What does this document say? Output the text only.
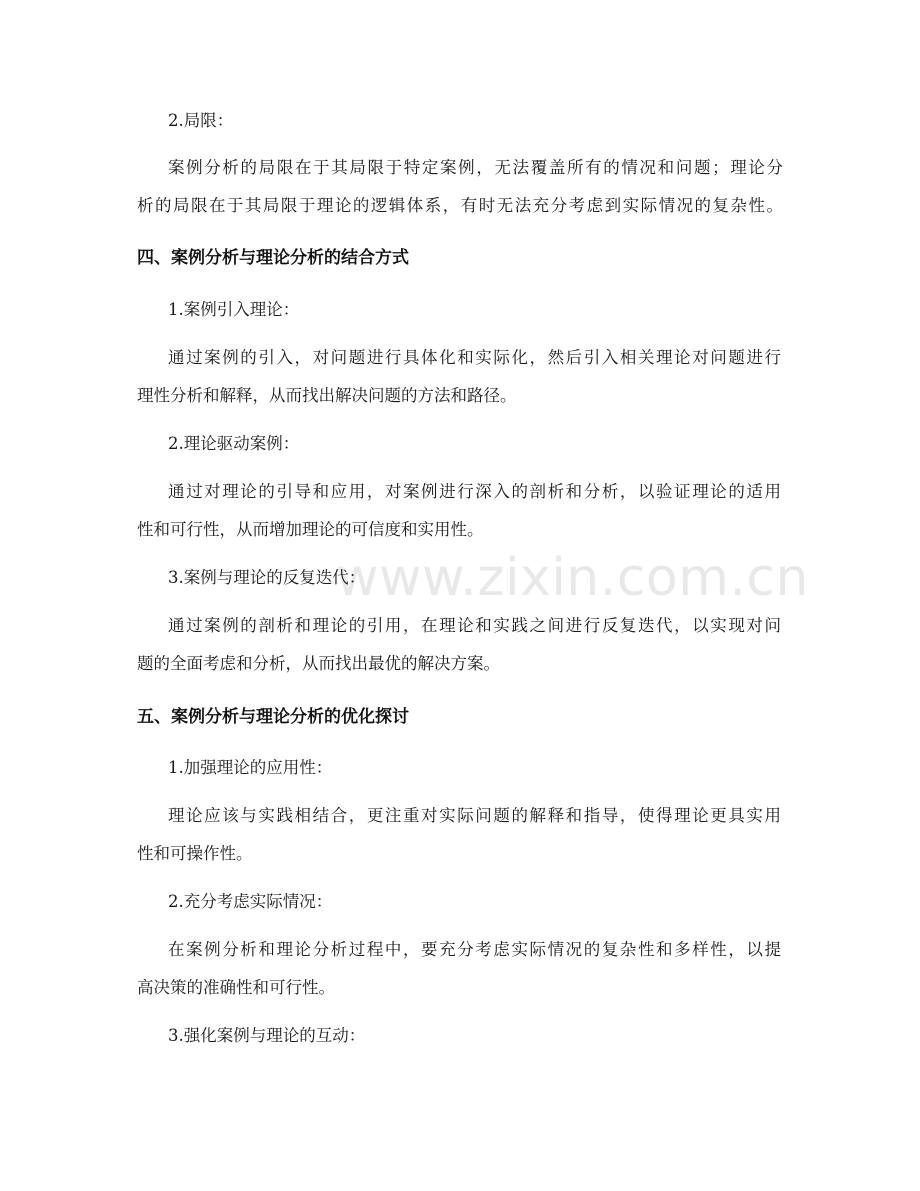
www.zixin.com.cn
2.局限：
案例分析的局限在于其局限于特定案例，无法覆盖所有的情况和问题；理论分
析的局限在于其局限于理论的逻辑体系，有时无法充分考虑到实际情况的复杂性。
四、案例分析与理论分析的结合方式
1.案例引入理论：
通过案例的引入，对问题进行具体化和实际化，然后引入相关理论对问题进行
理性分析和解释，从而找出解决问题的方法和路径。
2.理论驱动案例：
通过对理论的引导和应用，对案例进行深入的剖析和分析，以验证理论的适用
性和可行性，从而增加理论的可信度和实用性。
3.案例与理论的反复迭代：
通过案例的剖析和理论的引用，在理论和实践之间进行反复迭代，以实现对问
题的全面考虑和分析，从而找出最优的解决方案。
五、案例分析与理论分析的优化探讨
1.加强理论的应用性：
理论应该与实践相结合，更注重对实际问题的解释和指导，使得理论更具实用
性和可操作性。
2.充分考虑实际情况：
在案例分析和理论分析过程中，要充分考虑实际情况的复杂性和多样性，以提
高决策的准确性和可行性。
3.强化案例与理论的互动：
